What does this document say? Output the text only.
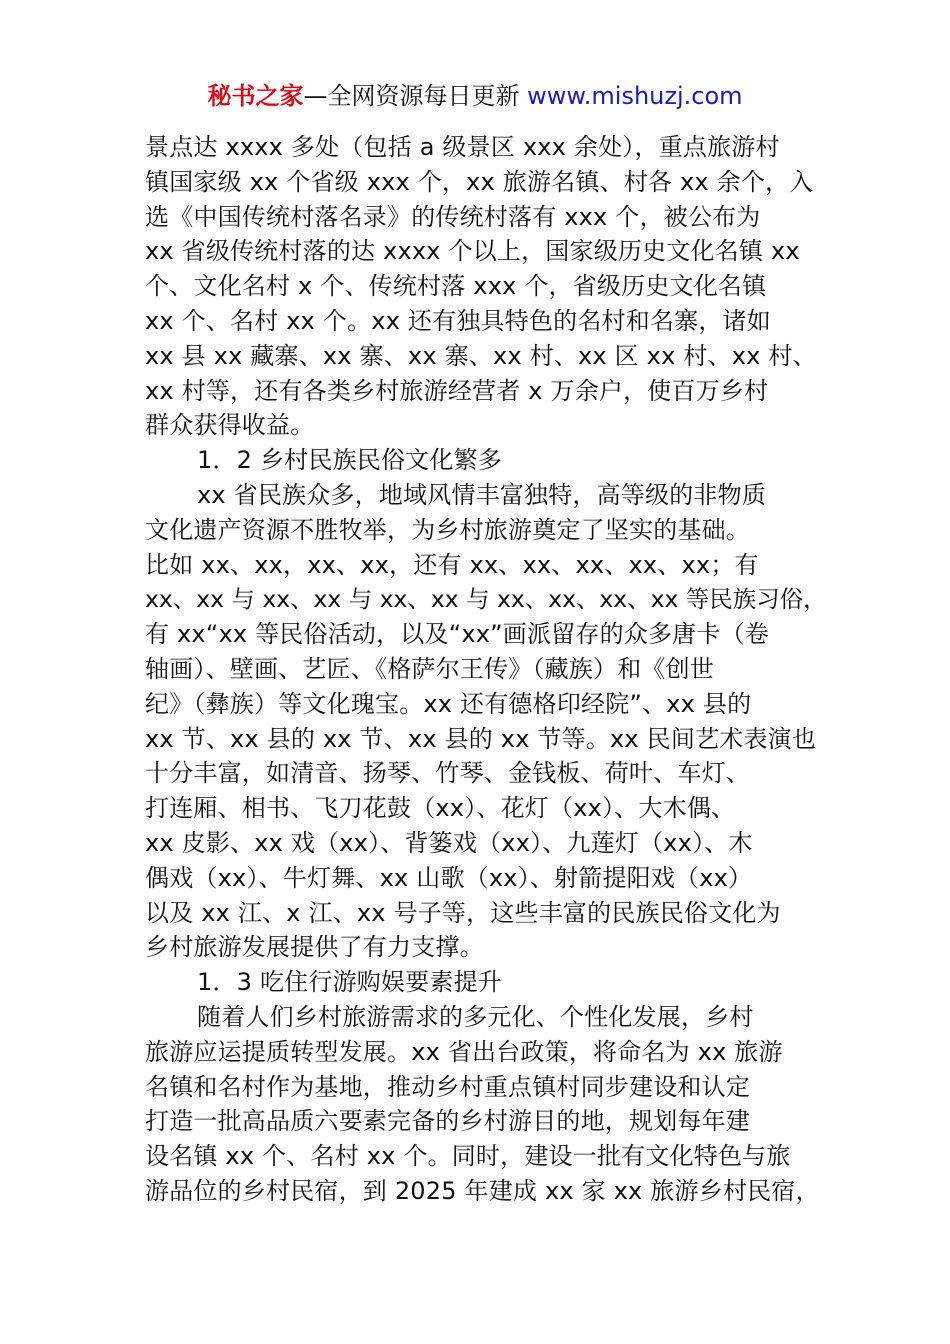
秘书之家—全网资源每日更新 www.mishuzj.com
景点达 xxxx 多处（包括 a 级景区 xxx 余处），重点旅游村
镇国家级 xx 个省级 xxx 个，xx 旅游名镇、村各 xx 余个，入
选《中国传统村落名录》的传统村落有 xxx 个，被公布为
xx 省级传统村落的达 xxxx 个以上，国家级历史文化名镇 xx
个、文化名村 x 个、传统村落 xxx 个，省级历史文化名镇
xx 个、名村 xx 个。xx 还有独具特色的名村和名寨，诸如
xx 县 xx 藏寨、xx 寨、xx 寨、xx 村、xx 区 xx 村、xx 村、
xx 村等，还有各类乡村旅游经营者 x 万余户，使百万乡村
群众获得收益。
1．2 乡村民族民俗文化繁多
xx 省民族众多，地域风情丰富独特，高等级的非物质
文化遗产资源不胜牧举，为乡村旅游奠定了坚实的基础。
比如 xx、xx，xx、xx，还有 xx、xx、xx、xx、xx；有
xx、xx 与 xx、xx 与 xx、xx 与 xx、xx、xx、xx 等民族习俗，
有 xx“xx 等民俗活动，以及“xx”画派留存的众多唐卡（卷
轴画）、壁画、艺匠、《格萨尔王传》（藏族）和《创世
纪》（彝族）等文化瑰宝。xx 还有德格印经院”、xx 县的
xx 节、xx 县的 xx 节、xx 县的 xx 节等。xx 民间艺术表演也
十分丰富，如清音、扬琴、竹琴、金钱板、荷叶、车灯、
打连厢、相书、飞刀花鼓（xx）、花灯（xx）、大木偶、
xx 皮影、xx 戏（xx）、背篓戏（xx）、九莲灯（xx）、木
偶戏（xx）、牛灯舞、xx 山歌（xx）、射箭提阳戏（xx）
以及 xx 江、x 江、xx 号子等，这些丰富的民族民俗文化为
乡村旅游发展提供了有力支撑。
1．3 吃住行游购娱要素提升
随着人们乡村旅游需求的多元化、个性化发展，乡村
旅游应运提质转型发展。xx 省出台政策，将命名为 xx 旅游
名镇和名村作为基地，推动乡村重点镇村同步建设和认定
打造一批高品质六要素完备的乡村游目的地，规划每年建
设名镇 xx 个、名村 xx 个。同时，建设一批有文化特色与旅
游品位的乡村民宿，到 2025 年建成 xx 家 xx 旅游乡村民宿，
